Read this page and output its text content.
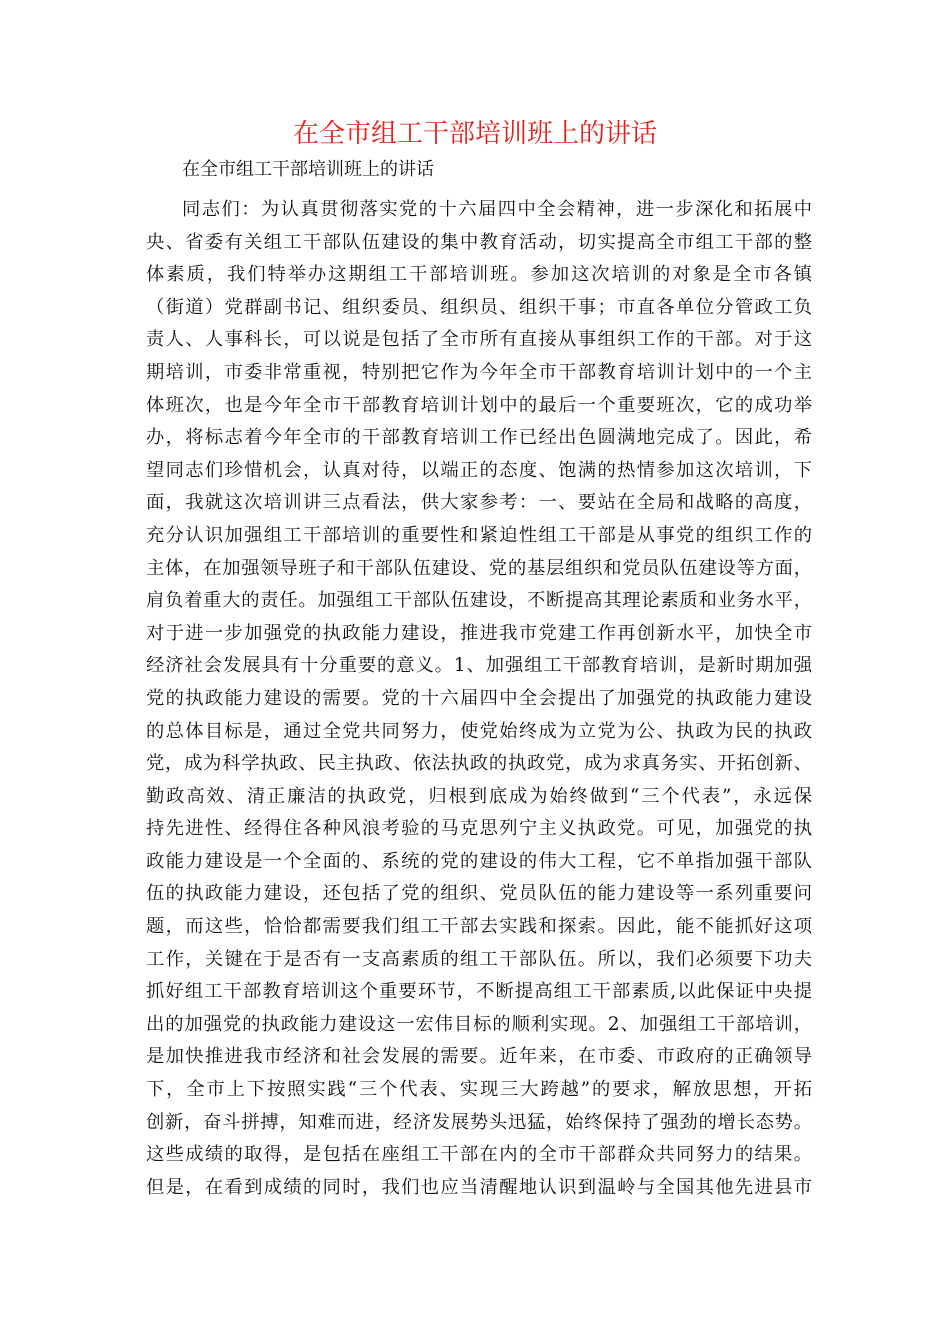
在全市组工干部培训班上的讲话

在全市组工干部培训班上的讲话

同志们：为认真贯彻落实党的十六届四中全会精神，进一步深化和拓展中
央、省委有关组工干部队伍建设的集中教育活动，切实提高全市组工干部的整
体素质，我们特举办这期组工干部培训班。参加这次培训的对象是全市各镇
（街道）党群副书记、组织委员、组织员、组织干事；市直各单位分管政工负
责人、人事科长，可以说是包括了全市所有直接从事组织工作的干部。对于这
期培训，市委非常重视，特别把它作为今年全市干部教育培训计划中的一个主
体班次，也是今年全市干部教育培训计划中的最后一个重要班次，它的成功举
办，将标志着今年全市的干部教育培训工作已经出色圆满地完成了。因此，希
望同志们珍惜机会，认真对待，以端正的态度、饱满的热情参加这次培训，下
面，我就这次培训讲三点看法，供大家参考：一、要站在全局和战略的高度，
充分认识加强组工干部培训的重要性和紧迫性组工干部是从事党的组织工作的
主体，在加强领导班子和干部队伍建设、党的基层组织和党员队伍建设等方面，
肩负着重大的责任。加强组工干部队伍建设，不断提高其理论素质和业务水平，
对于进一步加强党的执政能力建设，推进我市党建工作再创新水平，加快全市
经济社会发展具有十分重要的意义。1、加强组工干部教育培训，是新时期加强
党的执政能力建设的需要。党的十六届四中全会提出了加强党的执政能力建设
的总体目标是，通过全党共同努力，使党始终成为立党为公、执政为民的执政
党，成为科学执政、民主执政、依法执政的执政党，成为求真务实、开拓创新、
勤政高效、清正廉洁的执政党，归根到底成为始终做到“三个代表”，永远保
持先进性、经得住各种风浪考验的马克思列宁主义执政党。可见，加强党的执
政能力建设是一个全面的、系统的党的建设的伟大工程，它不单指加强干部队
伍的执政能力建设，还包括了党的组织、党员队伍的能力建设等一系列重要问
题，而这些，恰恰都需要我们组工干部去实践和探索。因此，能不能抓好这项
工作，关键在于是否有一支高素质的组工干部队伍。所以，我们必须要下功夫
抓好组工干部教育培训这个重要环节，不断提高组工干部素质,以此保证中央提
出的加强党的执政能力建设这一宏伟目标的顺利实现。2、加强组工干部培训，
是加快推进我市经济和社会发展的需要。近年来，在市委、市政府的正确领导
下，全市上下按照实践“三个代表、实现三大跨越”的要求，解放思想，开拓
创新，奋斗拼搏，知难而进，经济发展势头迅猛，始终保持了强劲的增长态势。
这些成绩的取得，是包括在座组工干部在内的全市干部群众共同努力的结果。
但是，在看到成绩的同时，我们也应当清醒地认识到温岭与全国其他先进县市
